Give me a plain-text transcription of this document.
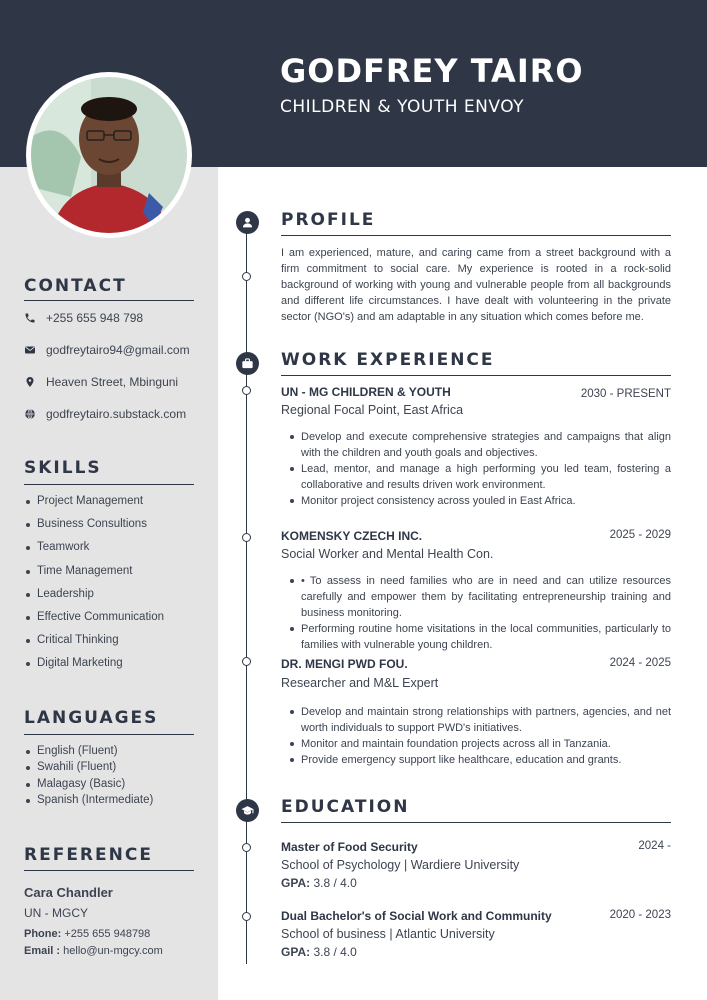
GODFREY TAIRO
CHILDREN & YOUTH ENVOY
CONTACT
+255 655 948 798
godfreytairo94@gmail.com
Heaven Street, Mbinguni
godfreytairo.substack.com
SKILLS
Project Management
Business Consultions
Teamwork
Time Management
Leadership
Effective Communication
Critical Thinking
Digital Marketing
LANGUAGES
English (Fluent)
Swahili (Fluent)
Malagasy (Basic)
Spanish (Intermediate)
REFERENCE
Cara Chandler
UN - MGCY
Phone: +255 655 948798
Email : hello@un-mgcy.com
PROFILE
I am experienced, mature, and caring came from a street background with a firm commitment to social care. My experience is rooted in a rock-solid background of working with young and vulnerable people from all backgrounds and different life circumstances. I have dealt with volunteering in the private sector (NGO's) and am adaptable in any situation which comes before me.
WORK EXPERIENCE
UN - MG CHILDREN & YOUTH	2030 - PRESENT
Regional Focal Point, East Africa
Develop and execute comprehensive strategies and campaigns that align with the children and youth goals and objectives.
Lead, mentor, and manage a high performing you led team, fostering a collaborative and results driven work environment.
Monitor project consistency across youled in East Africa.
KOMENSKY CZECH INC.	2025 - 2029
Social Worker and Mental Health Con.
• To assess in need families who are in need and can utilize resources carefully and empower them by facilitating entrepreneurship training and business monitoring.
Performing routine home visitations in the local communities, particularly to families with vulnerable young children.
DR. MENGI PWD FOU.	2024 - 2025
Researcher and M&L Expert
Develop and maintain strong relationships with partners, agencies, and net worth individuals to support PWD's initiatives.
Monitor and maintain foundation projects across all in Tanzania.
Provide emergency support like healthcare, education and grants.
EDUCATION
Master of Food Security	2024 -
School of Psychology | Wardiere University
GPA: 3.8 / 4.0
Dual Bachelor's of Social Work and Community	2020 - 2023
School of business | Atlantic University
GPA: 3.8 / 4.0
